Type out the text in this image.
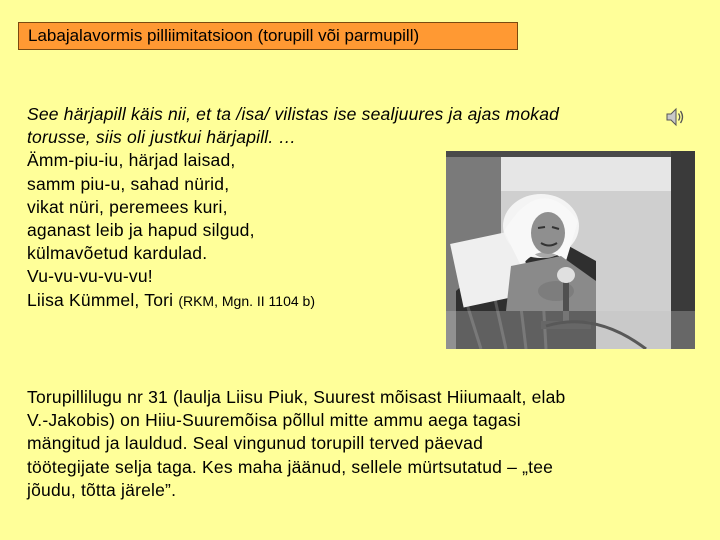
Labajalavormis pilliimitatsioon (torupill või parmupill)
See härjapill käis nii, et ta /isa/ vilistas ise sealjuures ja ajas mokad
torusse, siis oli justkui härjapill. …
Ämm-piu-iu, härjad laisad,
samm piu-u, sahad nürid,
vikat nüri, peremees kuri,
aganast leib ja hapud silgud,
külmavõetud kardulad.
Vu-vu-vu-vu-vu!
Liisa Kümmel, Tori (RKM, Mgn. II 1104 b)
Torupillilugu nr 31 (laulja Liisu Piuk, Suurest mõisast Hiiumaalt, elab
V.-Jakobis) on Hiiu-Suuremõisa põllul mitte ammu aega tagasi
mängitud ja lauldud. Seal vingunud torupill terved päevad
töötegijate selja taga. Kes maha jäänud, sellele mürtsutatud – „tee
jõudu, tõtta järele”.
